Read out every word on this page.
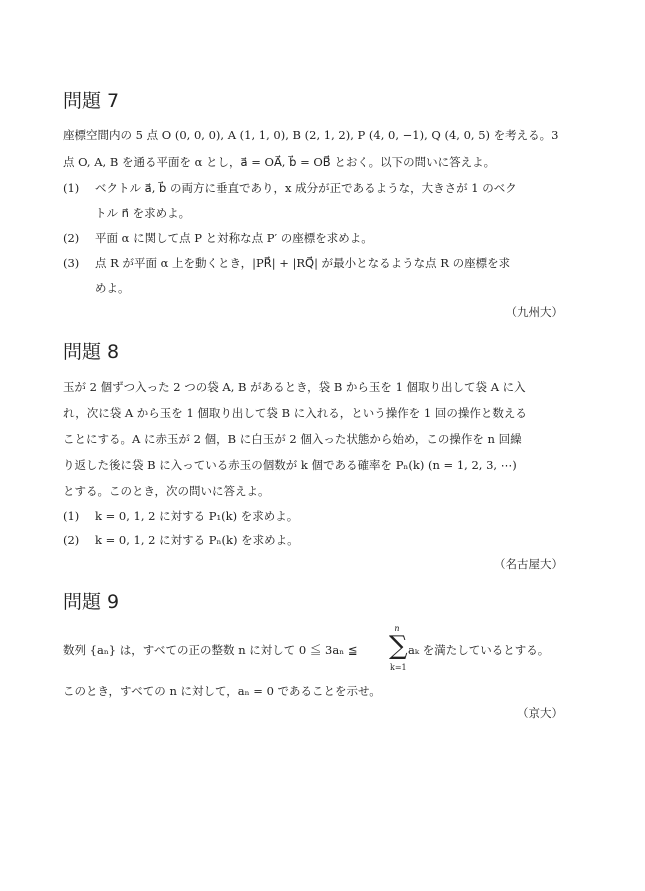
問題 7
座標空間内の 5 点 O (0, 0, 0), A (1, 1, 0), B (2, 1, 2), P (4, 0, −1), Q (4, 0, 5) を考える。3
点 O, A, B を通る平面を α とし，a⃗ = OA⃗, b⃗ = OB⃗ とおく。以下の問いに答えよ。
(1) ベクトル a⃗, b⃗ の両方に垂直であり，x 成分が正であるような，大きさが 1 のベク
トル n⃗ を求めよ。
(2) 平面 α に関して点 P と対称な点 P′ の座標を求めよ。
(3) 点 R が平面 α 上を動くとき，|PR⃗| + |RQ⃗| が最小となるような点 R の座標を求
めよ。
（九州大）
問題 8
玉が 2 個ずつ入った 2 つの袋 A, B があるとき，袋 B から玉を 1 個取り出して袋 A に入
れ，次に袋 A から玉を 1 個取り出して袋 B に入れる，という操作を 1 回の操作と数える
ことにする。A に赤玉が 2 個，B に白玉が 2 個入った状態から始め，この操作を n 回繰
り返した後に袋 B に入っている赤玉の個数が k 個である確率を Pₙ(k) (n = 1, 2, 3, ⋯)
とする。このとき，次の問いに答えよ。
(1) k = 0, 1, 2 に対する P₁(k) を求めよ。
(2) k = 0, 1, 2 に対する Pₙ(k) を求めよ。
（名古屋大）
問題 9
数列 {aₙ} は，すべての正の整数 n に対して 0 ≦ 3aₙ ≦
n
∑
k=1
aₖ を満たしているとする。
このとき，すべての n に対して，aₙ = 0 であることを示せ。
（京大）
